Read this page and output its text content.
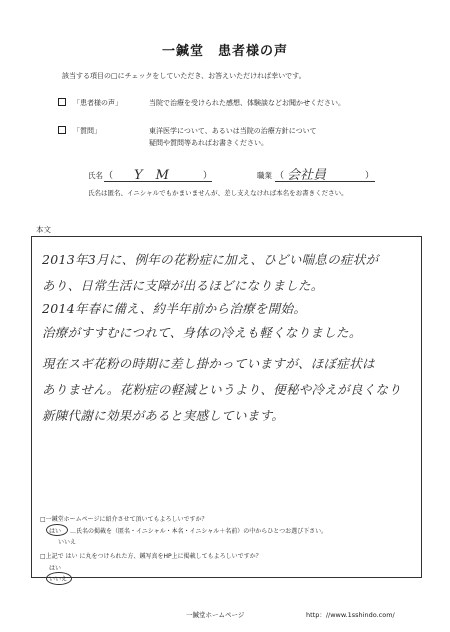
一鍼堂　患者様の声
該当する項目の□にチェックをしていただき、お答えいただければ幸いです。
「患者様の声」	当院で治療を受けられた感想、体験談などお聞かせください。
「質問」	東洋医学について、あるいは当院の治療方針について
疑問や質問等あればお書きください。
氏名 （ Y　M	）	職業 （ 会社員	）
氏名は匿名、イニシャルでもかまいませんが、差し支えなければ本名をお書きください。
本文
2013年3月に、例年の花粉症に加え、ひどい喘息の症状が
あり、日常生活に支障が出るほどになりました。
2014年春に備え、約半年前から治療を開始。
治療がすすむにつれて、身体の冷えも軽くなりました。
現在スギ花粉の時期に差し掛かっていますが、ほぼ症状は
ありません。花粉症の軽減というより、便秘や冷えが良くなり
新陳代謝に効果があると実感しています。
□一鍼堂ホームページに紹介させて頂いてもよろしいですか？
はい …氏名の掲載を（匿名・イニシャル・本名・イニシャル＋名前）の中からひとつお選び下さい。
いいえ
□上記で はい に丸をつけられた方、鍼写真をHP上に掲載してもよろしいですか？
はい
いいえ
一鍼堂ホームページ	http：//www.1sshindo.com/
